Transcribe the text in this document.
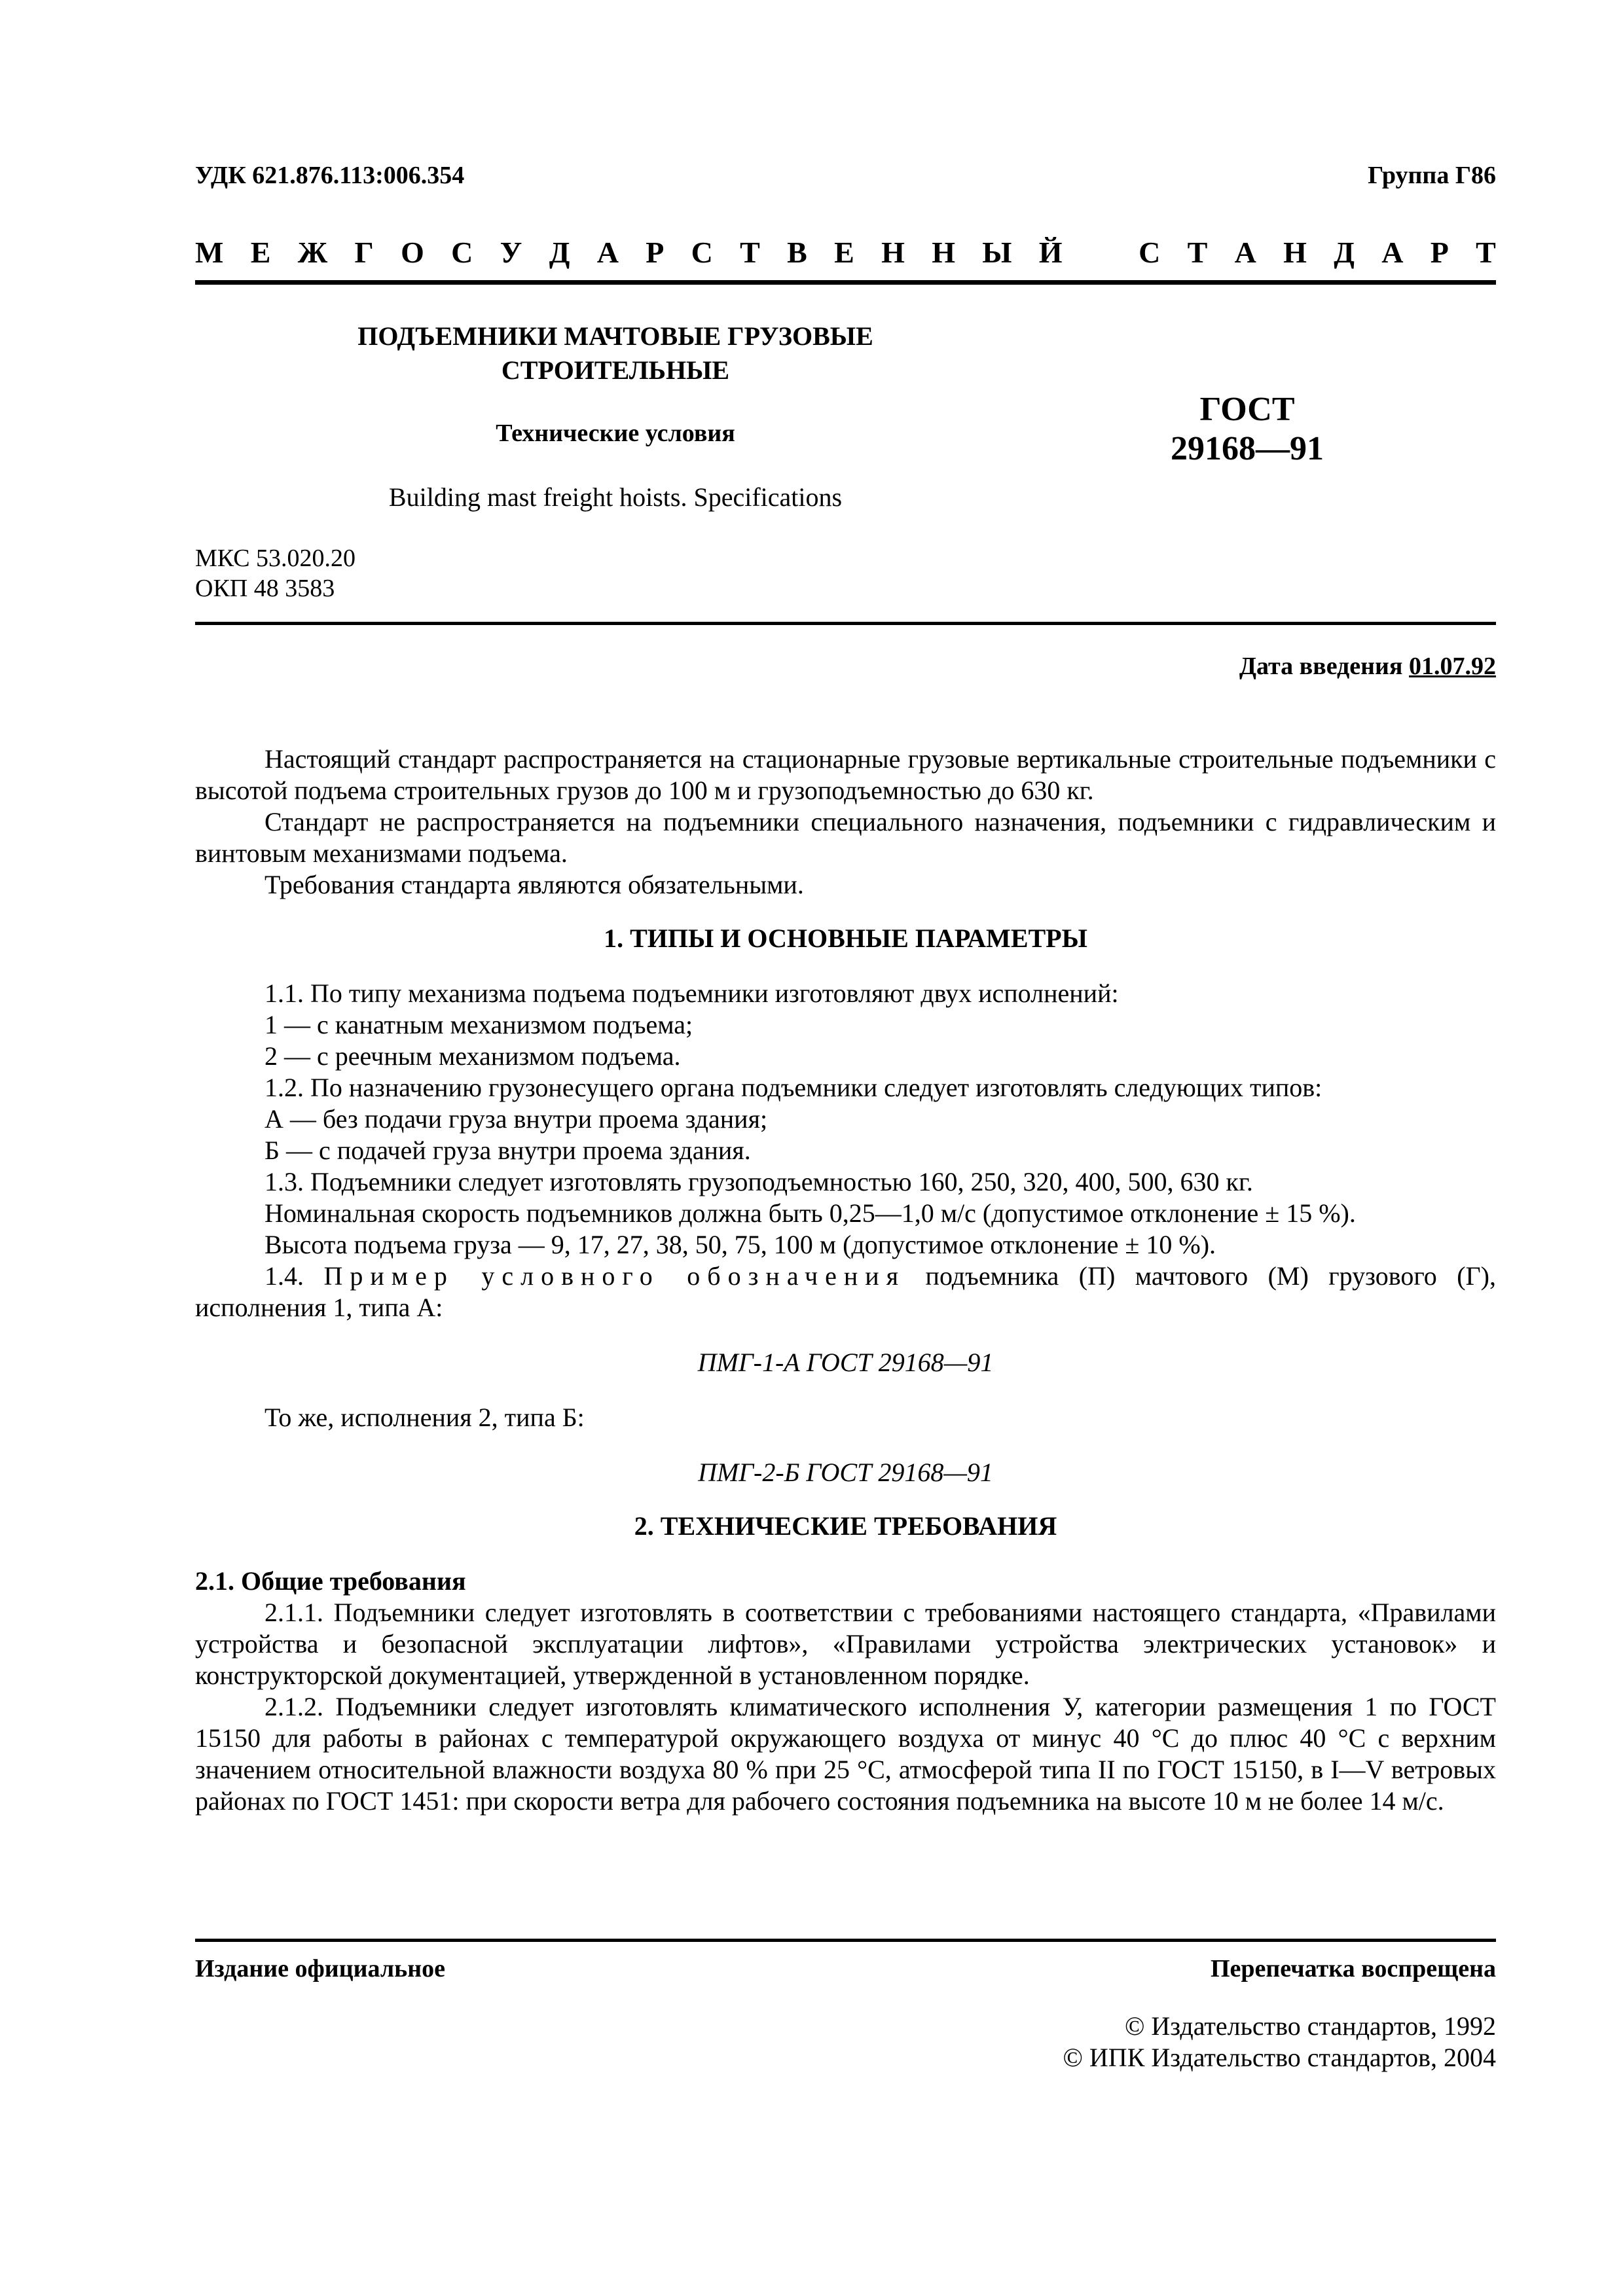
УДК 621.876.113:006.354	Группа Г86
М Е Ж Г О С У Д А Р С Т В Е Н Н Ы Й	С Т А Н Д А Р Т
ПОДЪЕМНИКИ МАЧТОВЫЕ ГРУЗОВЫЕ
СТРОИТЕЛЬНЫЕ
Технические условия
Building mast freight hoists. Specifications
ГОСТ
29168—91
МКС 53.020.20
ОКП 48 3583
Дата введения 01.07.92

Настоящий стандарт распространяется на стационарные грузовые вертикальные строительные подъемники с высотой подъема строительных грузов до 100 м и грузоподъемностью до 630 кг.

Стандарт не распространяется на подъемники специального назначения, подъемники с гидравлическим и винтовым механизмами подъема.

Требования стандарта являются обязательными.

1. ТИПЫ И ОСНОВНЫЕ ПАРАМЕТРЫ

1.1. По типу механизма подъема подъемники изготовляют двух исполнений:

1 — с канатным механизмом подъема;

2 — с реечным механизмом подъема.

1.2. По назначению грузонесущего органа подъемники следует изготовлять следующих типов:

А — без подачи груза внутри проема здания;

Б — с подачей груза внутри проема здания.

1.3. Подъемники следует изготовлять грузоподъемностью 160, 250, 320, 400, 500, 630 кг.

Номинальная скорость подъемников должна быть 0,25—1,0 м/с (допустимое отклонение ± 15 %).

Высота подъема груза — 9, 17, 27, 38, 50, 75, 100 м (допустимое отклонение ± 10 %).

1.4. Пример условного обозначения подъемника (П) мачтового (М) грузового (Г), исполнения 1, типа А:

ПМГ-1-А ГОСТ 29168—91

То же, исполнения 2, типа Б:

ПМГ-2-Б ГОСТ 29168—91
2. ТЕХНИЧЕСКИЕ ТРЕБОВАНИЯ

2.1. Общие требования

2.1.1. Подъемники следует изготовлять в соответствии с требованиями настоящего стандарта, «Правилами устройства и безопасной эксплуатации лифтов», «Правилами устройства электрических установок» и конструкторской документацией, утвержденной в установленном порядке.

2.1.2. Подъемники следует изготовлять климатического исполнения У, категории размещения 1 по ГОСТ 15150 для работы в районах с температурой окружающего воздуха от минус 40 °С до плюс 40 °С с верхним значением относительной влажности воздуха 80 % при 25 °С, атмосферой типа II по ГОСТ 15150, в I—V ветровых районах по ГОСТ 1451: при скорости ветра для рабочего состояния подъемника на высоте 10 м не более 14 м/с.

Издание официальное	Перепечатка воспрещена
© Издательство стандартов, 1992
© ИПК Издательство стандартов, 2004
